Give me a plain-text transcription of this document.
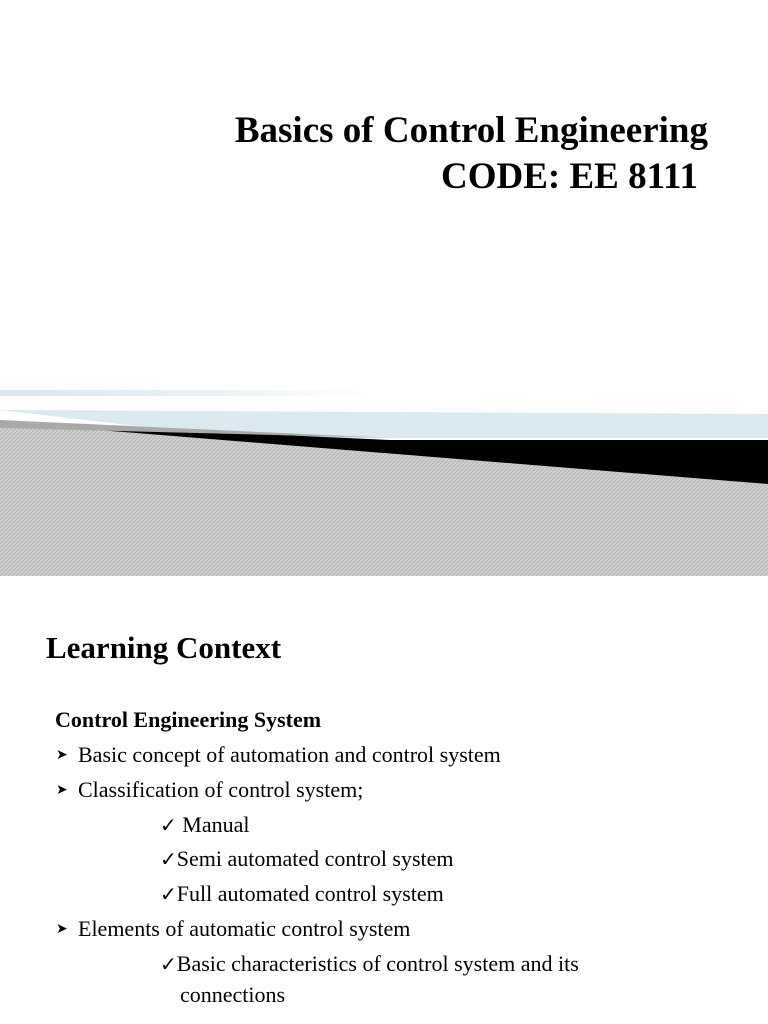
Basics of Control Engineering
CODE: EE 8111
Learning Context
Control Engineering System
➤ Basic concept of automation and control system
➤ Classification of control system;
✓ Manual
✓Semi automated control system
✓Full automated control system
➤ Elements of automatic control system
✓Basic characteristics of control system and its
connections
